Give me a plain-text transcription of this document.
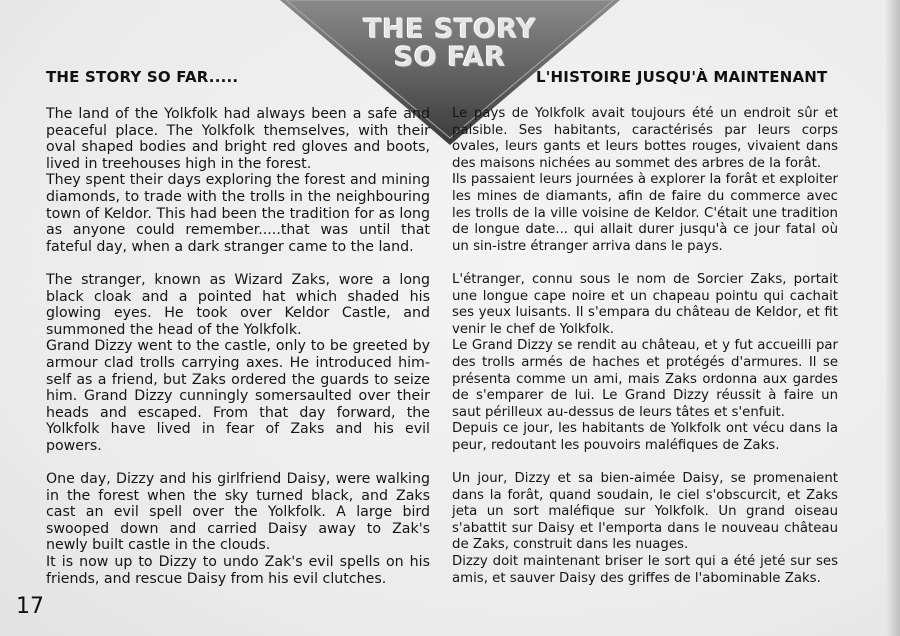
THE STORY
SO FAR
THE STORY SO FAR.....	L'HISTOIRE JUSQU'À MAINTENANT

The land of the Yolkfolk had always been a safe and peaceful place. The Yolkfolk themselves, with their oval shaped bodies and bright red gloves and boots, lived in treehouses high in the forest.
They spent their days exploring the forest and mining diamonds, to trade with the trolls in the neighbouring town of Keldor. This had been the tradition for as long as anyone could remember.....that was until that fateful day, when a dark stranger came to the land.

The stranger, known as Wizard Zaks, wore a long black cloak and a pointed hat which shaded his glowing eyes. He took over Keldor Castle, and summoned the head of the Yolkfolk.
Grand Dizzy went to the castle, only to be greeted by armour clad trolls carrying axes. He introduced him-self as a friend, but Zaks ordered the guards to seize him. Grand Dizzy cunningly somersaulted over their heads and escaped. From that day forward, the Yolkfolk have lived in fear of Zaks and his evil powers.

One day, Dizzy and his girlfriend Daisy, were walking in the forest when the sky turned black, and Zaks cast an evil spell over the Yolkfolk. A large bird swooped down and carried Daisy away to Zak's newly built castle in the clouds.
It is now up to Dizzy to undo Zak's evil spells on his friends, and rescue Daisy from his evil clutches.

Le pays de Yolkfolk avait toujours été un endroit sûr et paisible. Ses habitants, caractérisés par leurs corps ovales, leurs gants et leurs bottes rouges, vivaient dans des maisons nichées au sommet des arbres de la forât.
Ils passaient leurs journées à explorer la forât et exploiter les mines de diamants, afin de faire du commerce avec les trolls de la ville voisine de Keldor. C'était une tradition de longue date... qui allait durer jusqu'à ce jour fatal où un sin-istre étranger arriva dans le pays.

L'étranger, connu sous le nom de Sorcier Zaks, portait une longue cape noire et un chapeau pointu qui cachait ses yeux luisants. Il s'empara du château de Keldor, et fit venir le chef de Yolkfolk.
Le Grand Dizzy se rendit au château, et y fut accueilli par des trolls armés de haches et protégés d'armures. Il se présenta comme un ami, mais Zaks ordonna aux gardes de s'emparer de lui. Le Grand Dizzy réussit à faire un saut périlleux au-dessus de leurs tâtes et s'enfuit.
Depuis ce jour, les habitants de Yolkfolk ont vécu dans la peur, redoutant les pouvoirs maléfiques de Zaks.

Un jour, Dizzy et sa bien-aimée Daisy, se promenaient dans la forât, quand soudain, le ciel s'obscurcit, et Zaks jeta un sort maléfique sur Yolkfolk. Un grand oiseau s'abattit sur Daisy et l'emporta dans le nouveau château de Zaks, construit dans les nuages.
Dizzy doit maintenant briser le sort qui a été jeté sur ses amis, et sauver Daisy des griffes de l'abominable Zaks.

17
